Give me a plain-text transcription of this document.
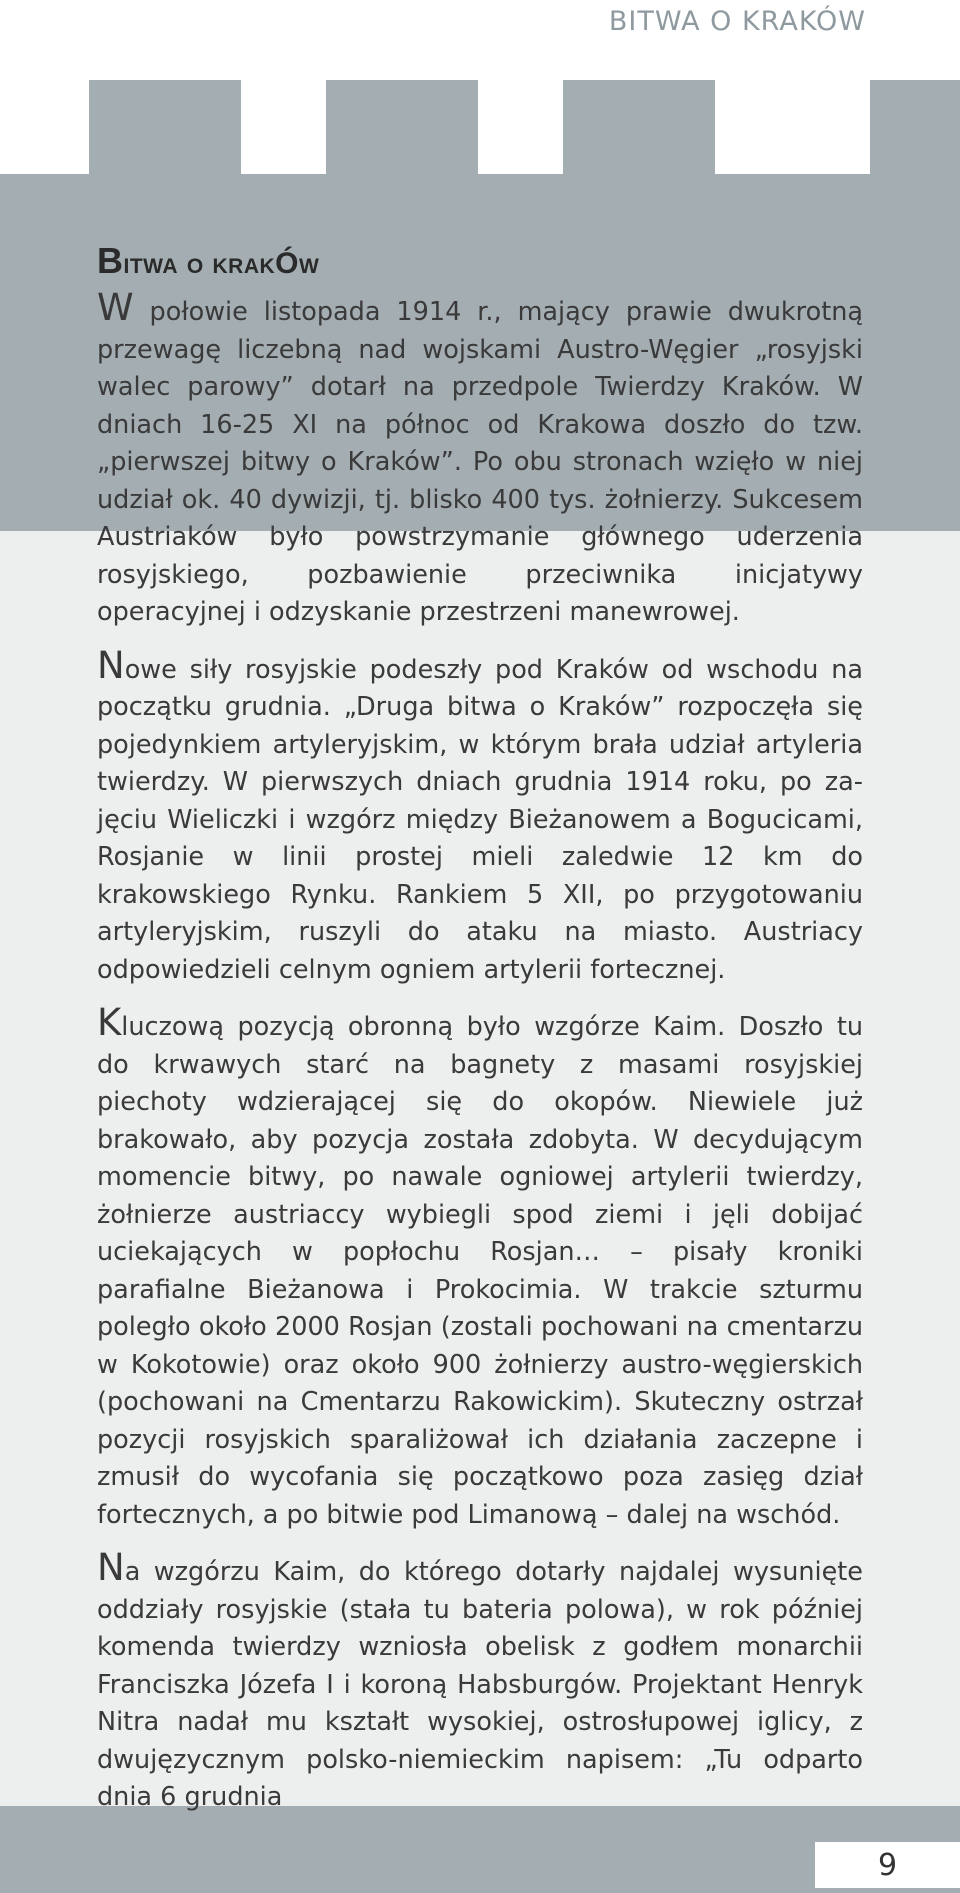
BITWA O KRAKÓW
9
Bitwa o krakÓw

W połowie listopada 1914 r., mający prawie dwukrotną przewagę liczebną nad wojskami Austro-Węgier „rosyjski walec parowy” dotarł na przedpole Twierdzy Kraków. W dniach 16-25 XI na północ od Krakowa doszło do tzw. „pierwszej bitwy o Kraków”. Po obu stronach wzięło w niej udział ok. 40 dywizji, tj. blisko 400 tys. żołnierzy. Sukcesem Austriaków było powstrzymanie głównego uderzenia rosyjskiego, pozbawienie przeciwnika inicjatywy operacyjnej i odzyskanie przestrzeni manewrowej.

Nowe siły rosyjskie podeszły pod Kraków od wschodu na początku grudnia. „Druga bitwa o Kraków” rozpoczęła się pojedynkiem artyleryjskim, w którym brała udział artyleria twierdzy. W pierwszych dniach grudnia 1914 roku, po zajęciu Wieliczki i wzgórz między Bieżanowem a Bogucicami, Rosjanie w linii prostej mieli zaledwie 12 km do krakowskiego Rynku. Rankiem 5 XII, po przygotowaniu artyleryjskim, ruszyli do ataku na miasto. Austriacy odpowiedzieli celnym ogniem artylerii fortecznej.

Kluczową pozycją obronną było wzgórze Kaim. Doszło tu do krwawych starć na bagnety z masami rosyjskiej piechoty wdzierającej się do okopów. Niewiele już brakowało, aby pozycja została zdobyta. W decydującym momencie bitwy, po nawale ogniowej artylerii twierdzy, żołnierze austriaccy wybiegli spod ziemi i jęli dobijać uciekających w popłochu Rosjan… – pisały kroniki parafialne Bieżanowa i Prokocimia. W trakcie szturmu poległo około 2000 Rosjan (zostali pochowani na cmentarzu w Kokotowie) oraz około 900 żołnierzy austro-węgierskich (pochowani na Cmentarzu Rakowickim). Skuteczny ostrzał pozycji rosyjskich sparaliżował ich działania zaczepne i zmusił do wycofania się początkowo poza zasięg dział fortecznych, a po bitwie pod Limanową – dalej na wschód.

Na wzgórzu Kaim, do którego dotarły najdalej wysunięte oddziały rosyjskie (stała tu bateria polowa), w rok później komenda twierdzy wzniosła obelisk z godłem monarchii Franciszka Józefa I i koroną Habsburgów. Projektant Henryk Nitra nadał mu kształt wysokiej, ostrosłupowej iglicy, z dwujęzycznym polsko-niemieckim napisem: „Tu odparto dnia 6 grudnia
